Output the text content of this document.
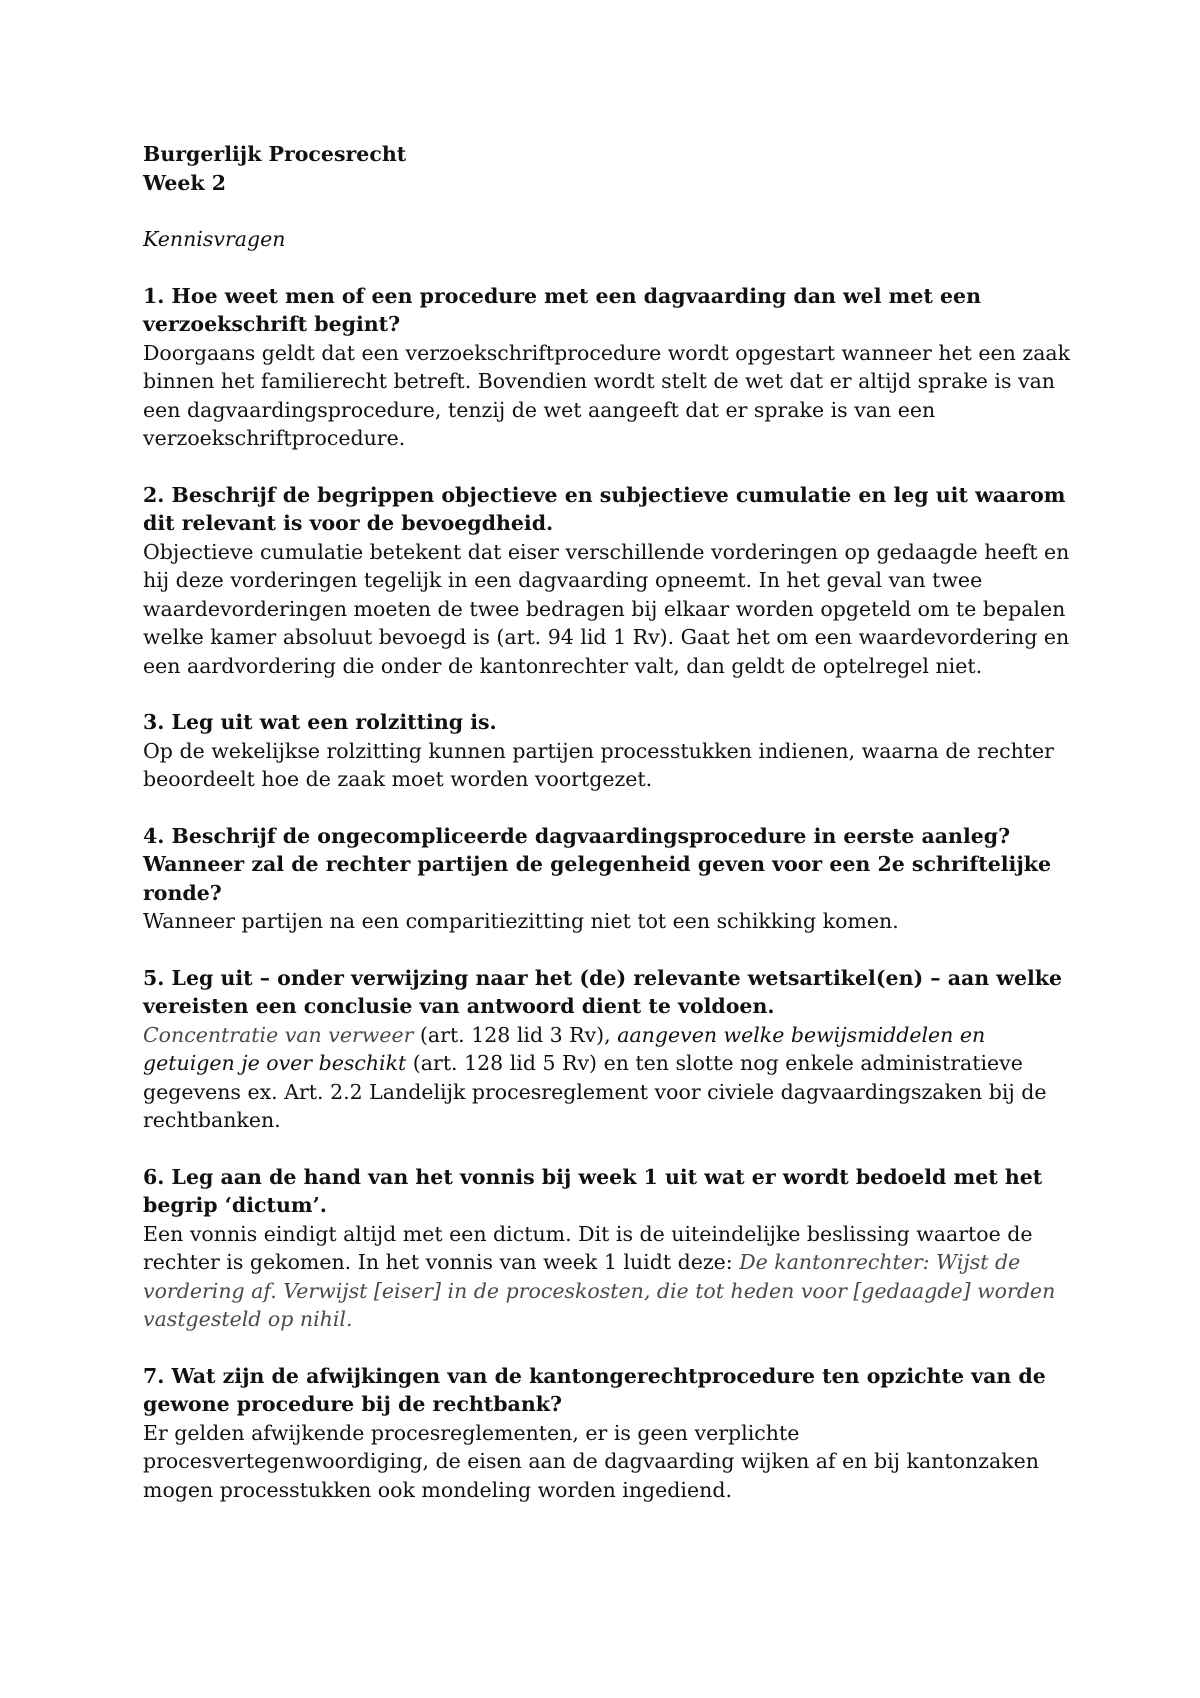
Burgerlijk Procesrecht

Week 2

Kennisvragen

1. Hoe weet men of een procedure met een dagvaarding dan wel met een verzoekschrift begint?

Doorgaans geldt dat een verzoekschriftprocedure wordt opgestart wanneer het een zaak binnen het familierecht betreft. Bovendien wordt stelt de wet dat er altijd sprake is van een dagvaardingsprocedure, tenzij de wet aangeeft dat er sprake is van een verzoekschriftprocedure.

2. Beschrijf de begrippen objectieve en subjectieve cumulatie en leg uit waarom dit relevant is voor de bevoegdheid.

Objectieve cumulatie betekent dat eiser verschillende vorderingen op gedaagde heeft en hij deze vorderingen tegelijk in een dagvaarding opneemt. In het geval van twee waardevorderingen moeten de twee bedragen bij elkaar worden opgeteld om te bepalen welke kamer absoluut bevoegd is (art. 94 lid 1 Rv). Gaat het om een waardevordering en een aardvordering die onder de kantonrechter valt, dan geldt de optelregel niet.

3. Leg uit wat een rolzitting is.

Op de wekelijkse rolzitting kunnen partijen processtukken indienen, waarna de rechter beoordeelt hoe de zaak moet worden voortgezet.

4. Beschrijf de ongecompliceerde dagvaardingsprocedure in eerste aanleg? Wanneer zal de rechter partijen de gelegenheid geven voor een 2e schriftelijke ronde?

Wanneer partijen na een comparitiezitting niet tot een schikking komen.

5. Leg uit – onder verwijzing naar het (de) relevante wetsartikel(en) – aan welke vereisten een conclusie van antwoord dient te voldoen.

Concentratie van verweer (art. 128 lid 3 Rv), aangeven welke bewijsmiddelen en getuigen je over beschikt (art. 128 lid 5 Rv) en ten slotte nog enkele administratieve gegevens ex. Art. 2.2 Landelijk procesreglement voor civiele dagvaardingszaken bij de rechtbanken.

6. Leg aan de hand van het vonnis bij week 1 uit wat er wordt bedoeld met het begrip ‘dictum’.

Een vonnis eindigt altijd met een dictum. Dit is de uiteindelijke beslissing waartoe de rechter is gekomen. In het vonnis van week 1 luidt deze: De kantonrechter: Wijst de vordering af. Verwijst [eiser] in de proceskosten, die tot heden voor [gedaagde] worden vastgesteld op nihil.

7. Wat zijn de afwijkingen van de kantongerechtprocedure ten opzichte van de gewone procedure bij de rechtbank?

Er gelden afwijkende procesreglementen, er is geen verplichte procesvertegenwoordiging, de eisen aan de dagvaarding wijken af en bij kantonzaken mogen processtukken ook mondeling worden ingediend.
